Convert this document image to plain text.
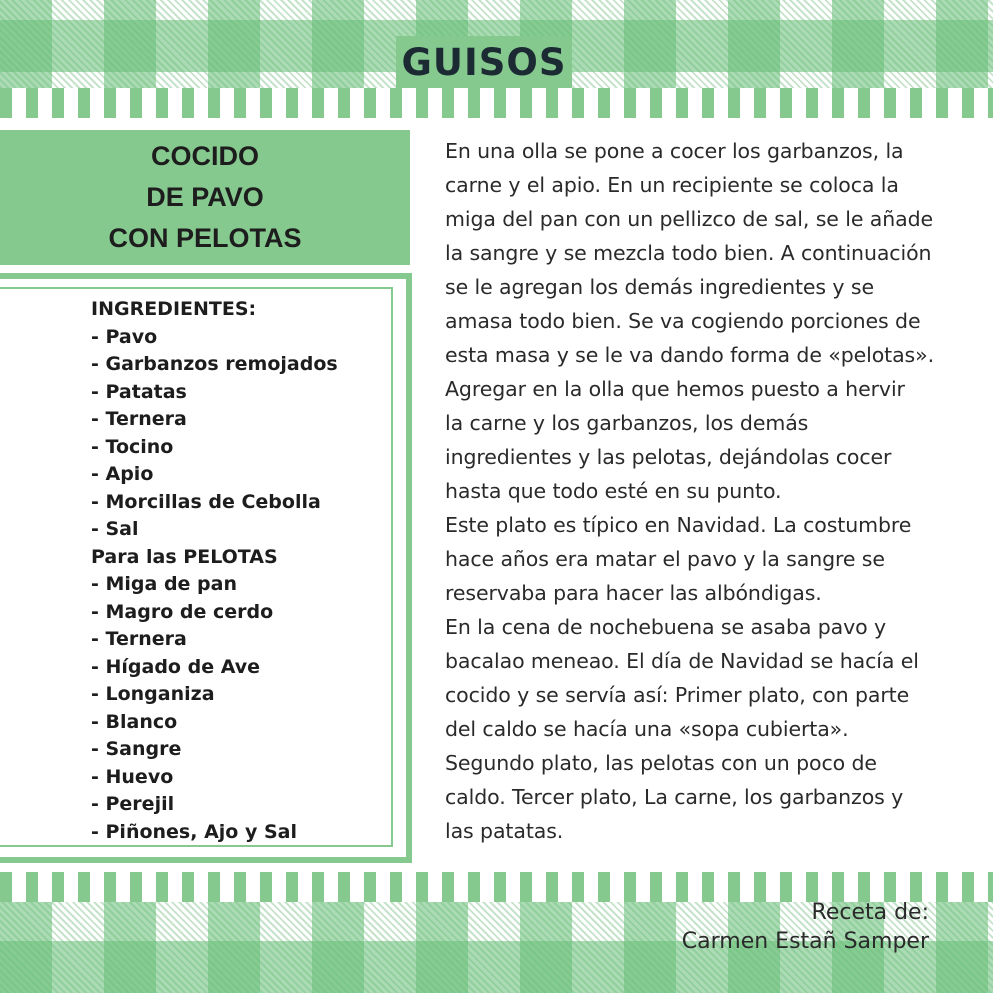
GUISOS
COCIDO
DE PAVO
CON PELOTAS
INGREDIENTES:
- Pavo
- Garbanzos remojados
- Patatas
- Ternera
- Tocino
- Apio
- Morcillas de Cebolla
- Sal
Para las PELOTAS
- Miga de pan
- Magro de cerdo
- Ternera
- Hígado de Ave
- Longaniza
- Blanco
- Sangre
- Huevo
- Perejil
- Piñones, Ajo y Sal

En una olla se pone a cocer los garbanzos, la

carne y el apio. En un recipiente se coloca la

miga del pan con un pellizco de sal, se le añade

la sangre y se mezcla todo bien. A continuación

se le agregan los demás ingredientes y se

amasa todo bien. Se va cogiendo porciones de

esta masa y se le va dando forma de «pelotas».

Agregar en la olla que hemos puesto a hervir

la carne y los garbanzos, los demás

ingredientes y las pelotas, dejándolas cocer

hasta que todo esté en su punto.

Este plato es típico en Navidad. La costumbre

hace años era matar el pavo y la sangre se

reservaba para hacer las albóndigas.

En la cena de nochebuena se asaba pavo y

bacalao meneao. El día de Navidad se hacía el

cocido y se servía así: Primer plato, con parte

del caldo se hacía una «sopa cubierta».

Segundo plato, las pelotas con un poco de

caldo. Tercer plato, La carne, los garbanzos y

las patatas.

Receta de:
Carmen Estañ Samper
